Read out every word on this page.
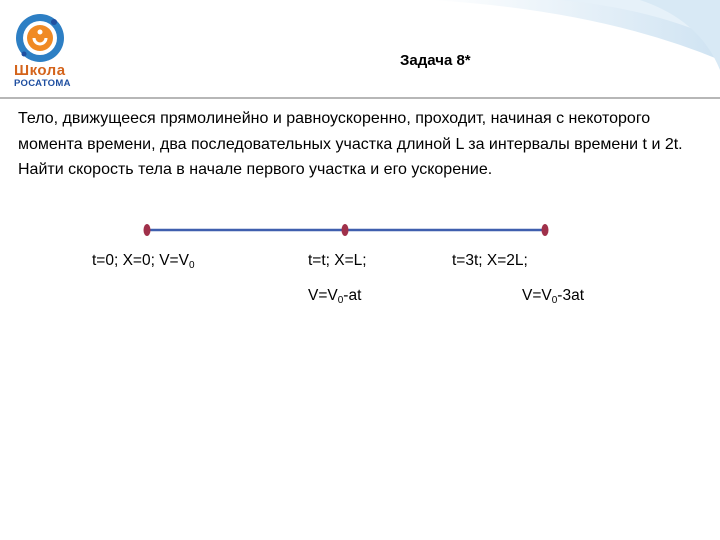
Школа
РОСАТОМА
Задача 8*
Тело, движущееся прямолинейно и равноускоренно, проходит, начиная с некоторого момента времени, два последовательных участка длиной L за интервалы времени t и 2t. Найти скорость тела в начале первого участка и его ускорение.
t=0; X=0; $V=V_0$	t=t; X=L;
$V=V_0-at$
t=3t; X=2L;
$V=V_0-3at$
